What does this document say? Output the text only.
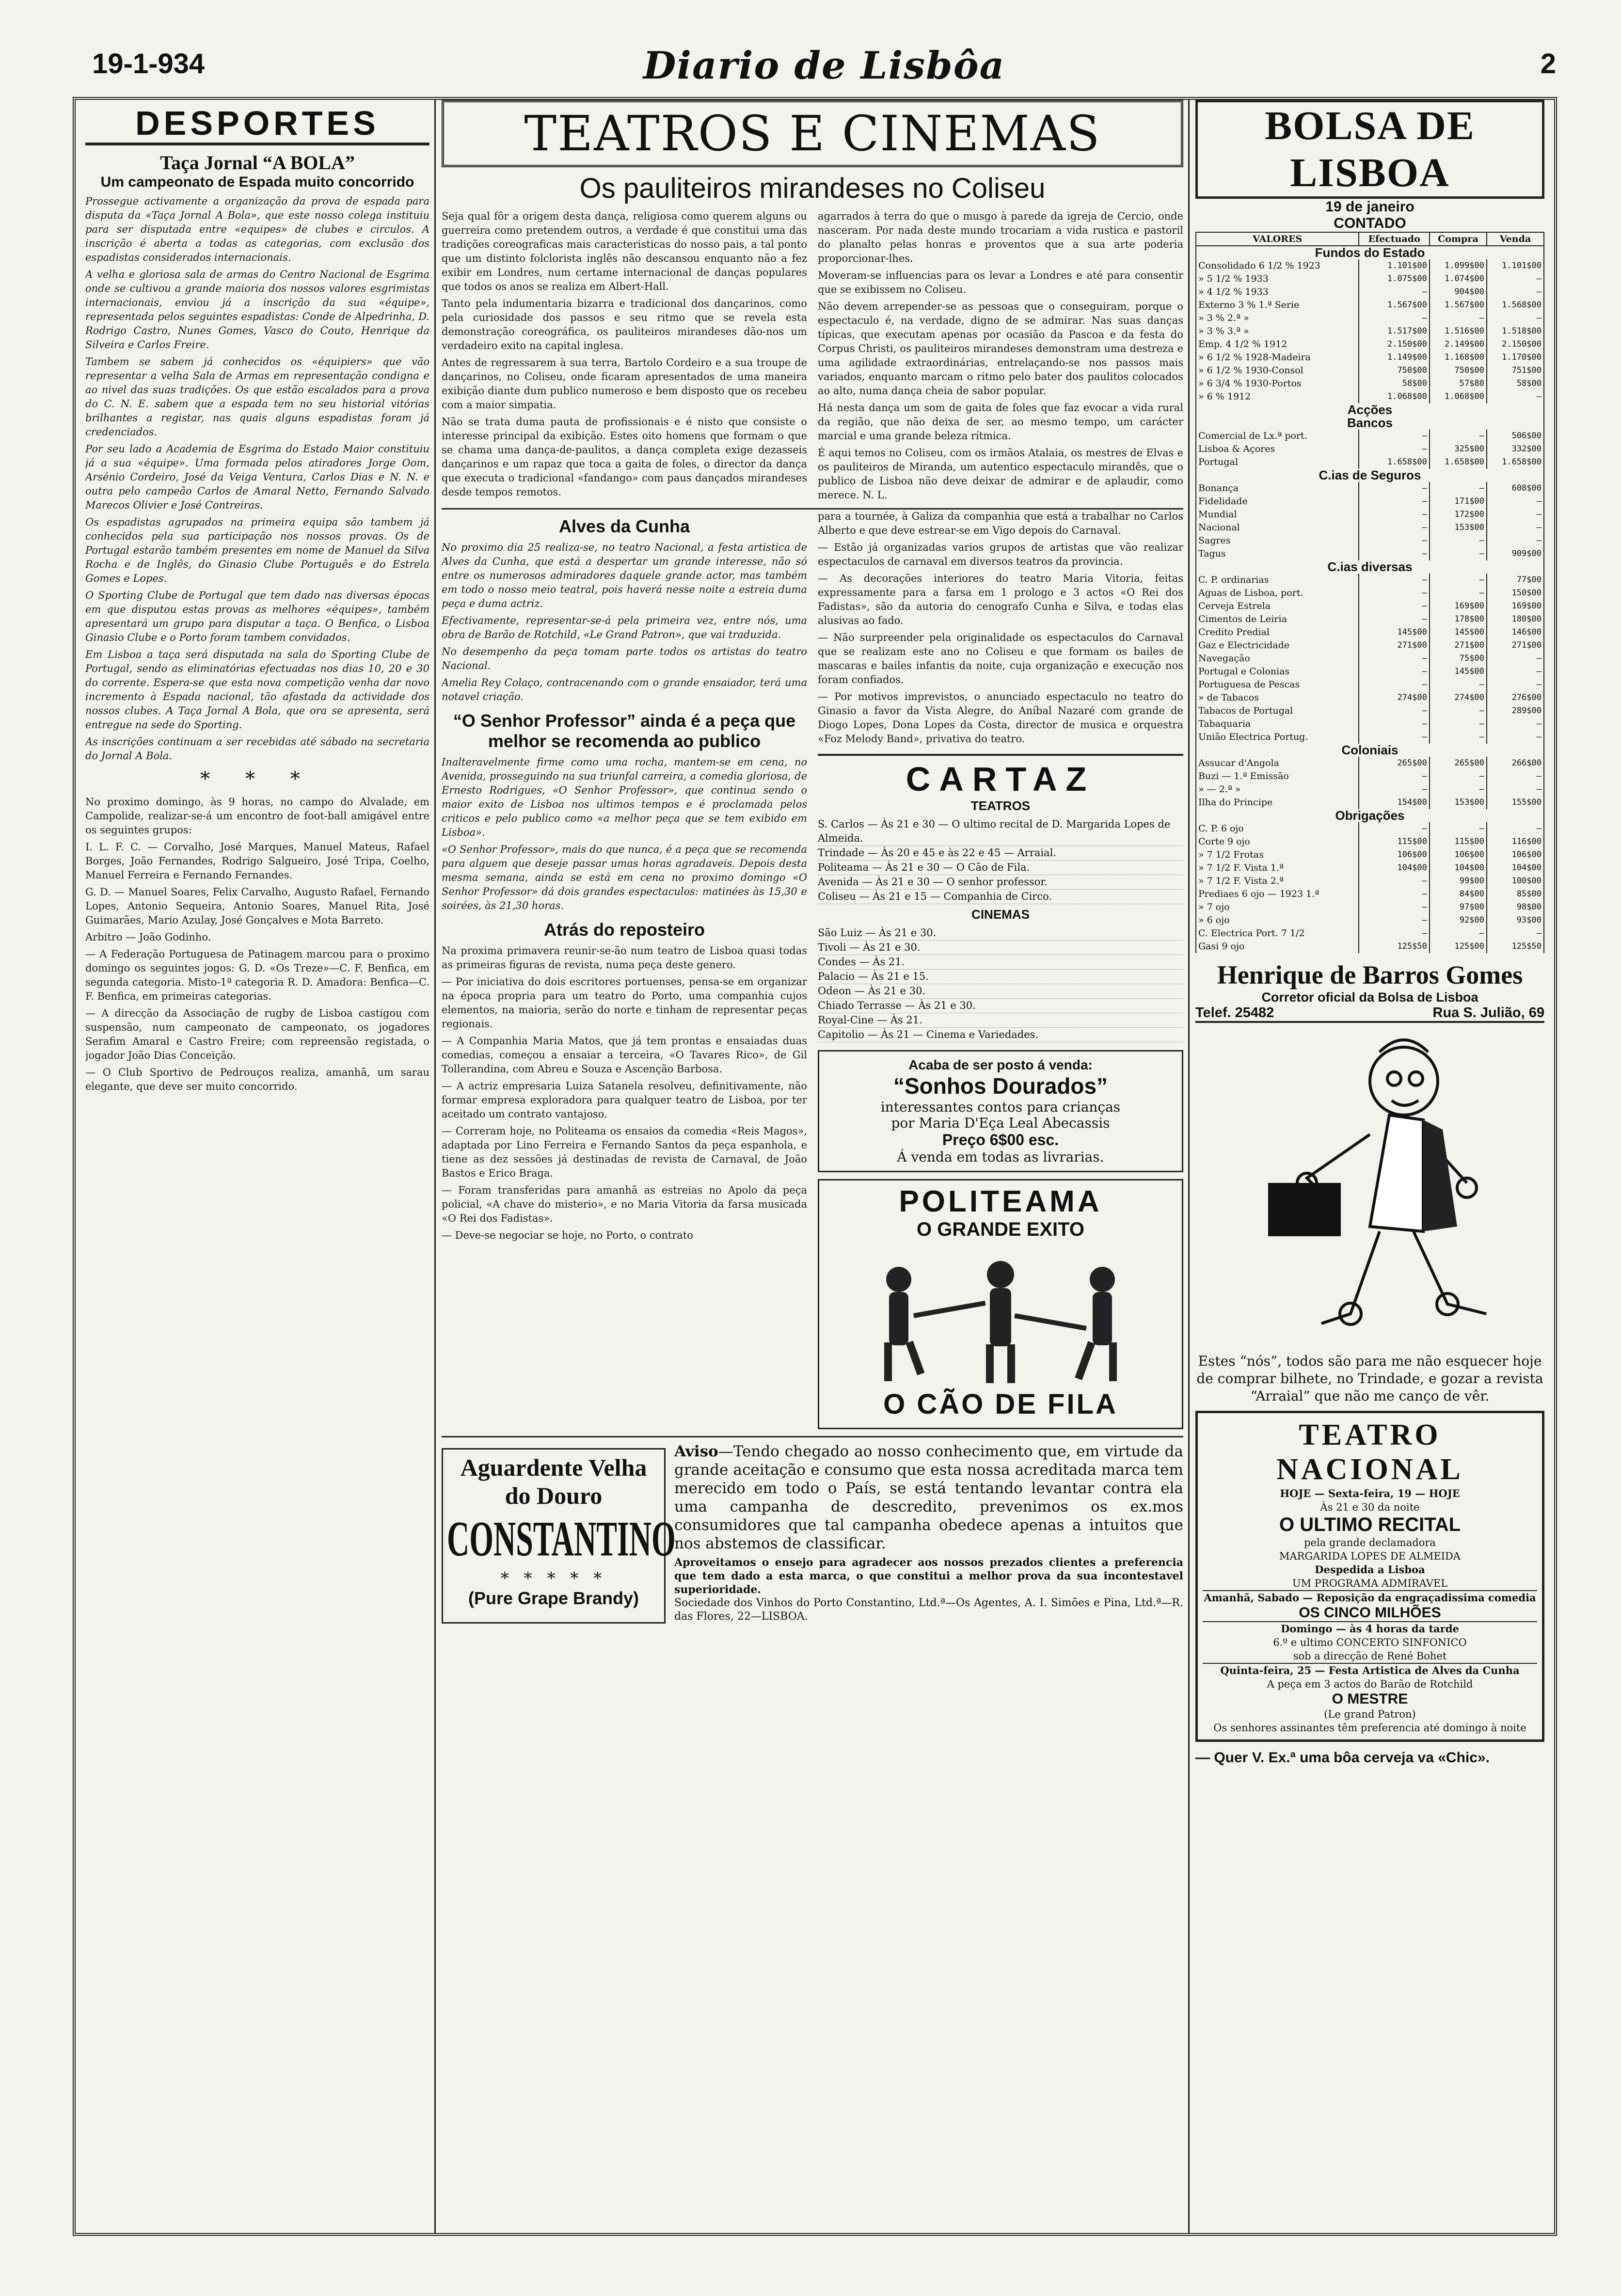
19-1-934	Diario de Lisbôa	2
DESPORTES
Taça Jornal “A BOLA”
Um campeonato de Espada muito concorrido

Prossegue activamente a organização da prova de espada para disputa da «Taça Jornal A Bola», que este nosso colega instituiu para ser disputada entre «equipes» de clubes e circulos. A inscrição é aberta a todas as categorias, com exclusão dos espadistas considerados internacionais.

A velha e gloriosa sala de armas do Centro Nacional de Esgrima onde se cultivou a grande maioria dos nossos valores esgrimistas internacionais, enviou já a inscrição da sua «équipe», representada pelos seguintes espadistas: Conde de Alpedrinha, D. Rodrigo Castro, Nunes Gomes, Vasco do Couto, Henrique da Silveira e Carlos Freire.

Tambem se sabem já conhecidos os «équipiers» que vão representar a velha Sala de Armas em representação condigna e ao nivel das suas tradições. Os que estão escalados para a prova do C. N. E. sabem que a espada tem no seu historial vitórias brilhantes a registar, nas quais alguns espadistas foram já credenciados.

Por seu lado a Academia de Esgrima do Estado Maior constituiu já a sua «équipe». Uma formada pelos atiradores Jorge Oom, Arsénio Cordeiro, José da Veiga Ventura, Carlos Dias e N. N. e outra pelo campeão Carlos de Amaral Netto, Fernando Salvado Marecos Olivier e José Contreiras.

Os espadistas agrupados na primeira equipa são tambem já conhecidos pela sua participação nos nossos provas. Os de Portugal estarão também presentes em nome de Manuel da Silva Rocha e de Inglês, do Ginasio Clube Português e do Estrela Gomes e Lopes.

O Sporting Clube de Portugal que tem dado nas diversas épocas em que disputou estas provas as melhores «équipes», também apresentará um grupo para disputar a taça. O Benfica, o Lisboa Ginasio Clube e o Porto foram tambem convidados.

Em Lisboa a taça será disputada na sala do Sporting Clube de Portugal, sendo as eliminatórias efectuadas nos dias 10, 20 e 30 do corrente. Espera-se que esta nova competição venha dar novo incremento à Espada nacional, tão afastada da actividade dos nossos clubes. A Taça Jornal A Bola, que ora se apresenta, será entregue na sede do Sporting.

As inscrições continuam a ser recebidas até sábado na secretaria do Jornal A Bola.

* * *

No proximo domingo, às 9 horas, no campo do Alvalade, em Campolide, realizar-se-á um encontro de foot-ball amigável entre os seguintes grupos:

I. L. F. C. — Corvalho, José Marques, Manuel Mateus, Rafael Borges, João Fernandes, Rodrigo Salgueiro, José Tripa, Coelho, Manuel Ferreira e Fernando Fernandes.

G. D. — Manuel Soares, Felix Carvalho, Augusto Rafael, Fernando Lopes, Antonio Sequeira, Antonio Soares, Manuel Rita, José Guimarães, Mario Azulay, José Gonçalves e Mota Barreto.

Arbitro — João Godinho.

— A Federação Portuguesa de Patinagem marcou para o proximo domingo os seguintes jogos: G. D. «Os Treze»—C. F. Benfica, em segunda categoria. Misto-1ª categoria R. D. Amadora: Benfica—C. F. Benfica, em primeiras categorias.

— A direcção da Associação de rugby de Lisboa castigou com suspensão, num campeonato de campeonato, os jogadores Serafim Amaral e Castro Freire; com repreensão registada, o jogador João Dias Conceição.

— O Club Sportivo de Pedrouços realiza, amanhã, um sarau elegante, que deve ser muito concorrido.

TEATROS E CINEMAS
Os pauliteiros mirandeses no Coliseu

Seja qual fôr a origem desta dança, religiosa como querem alguns ou guerreira como pretendem outros, a verdade é que constitui uma das tradições coreograficas mais caracteristicas do nosso pais, a tal ponto que um distinto folclorista inglês não descansou enquanto não a fez exibir em Londres, num certame internacional de danças populares que todos os anos se realiza em Albert-Hall.

Tanto pela indumentaria bizarra e tradicional dos dançarinos, como pela curiosidade dos passos e seu ritmo que se revela esta demonstração coreográfica, os pauliteiros mirandeses dão-nos um verdadeiro exito na capital inglesa.

Antes de regressarem à sua terra, Bartolo Cordeiro e a sua troupe de dançarinos, no Coliseu, onde ficaram apresentados de uma maneira exibição diante dum publico numeroso e bem disposto que os recebeu com a maior simpatia.

Não se trata duma pauta de profissionais e é nisto que consiste o interesse principal da exibição. Estes oito homens que formam o que se chama uma dança-de-paulitos, a dança completa exige dezasseis dançarinos e um rapaz que toca a gaita de foles, o director da dança que executa o tradicional «fandango» com paus dançados mirandeses desde tempos remotos.

agarrados à terra do que o musgo à parede da igreja de Cercio, onde nasceram. Por nada deste mundo trocariam a vida rustica e pastoril do planalto pelas honras e proventos que a sua arte poderia proporcionar-lhes.

Moveram-se influencias para os levar a Londres e até para consentir que se exibissem no Coliseu.

Não devem arrepender-se as pessoas que o conseguiram, porque o espectaculo é, na verdade, digno de se admirar. Nas suas danças típicas, que executam apenas por ocasião da Pascoa e da festa do Corpus Christi, os pauliteiros mirandeses demonstram uma destreza e uma agilidade extraordinárias, entrelaçando-se nos passos mais variados, enquanto marcam o ritmo pelo bater dos paulitos colocados ao alto, numa dança cheia de sabor popular.

Há nesta dança um som de gaita de foles que faz evocar a vida rural da região, que não deixa de ser, ao mesmo tempo, um carácter marcial e uma grande beleza rítmica.

É aqui temos no Coliseu, com os irmãos Atalaia, os mestres de Elvas e os pauliteiros de Miranda, um autentico espectaculo mirandês, que o publico de Lisboa não deve deixar de admirar e de aplaudir, como merece. N. L.

Alves da Cunha

No proximo dia 25 realiza-se, no teatro Nacional, a festa artistica de Alves da Cunha, que está a despertar um grande interesse, não só entre os numerosos admiradores daquele grande actor, mas também em todo o nosso meio teatral, pois haverá nesse noite a estreia duma peça e duma actriz.

Efectivamente, representar-se-á pela primeira vez, entre nós, uma obra de Barão de Rotchild, «Le Grand Patron», que vai traduzida.

No desempenho da peça tomam parte todos os artistas do teatro Nacional.

Amelia Rey Colaço, contracenando com o grande ensaiador, terá uma notavel criação.

“O Senhor Professor” ainda é a peça que melhor se recomenda ao publico

Inalteravelmente firme como uma rocha, mantem-se em cena, no Avenida, prosseguindo na sua triunfal carreira, a comedia gloriosa, de Ernesto Rodrigues, «O Senhor Professor», que continua sendo o maior exito de Lisboa nos ultimos tempos e é proclamada pelos criticos e pelo publico como «a melhor peça que se tem exibido em Lisboa».

«O Senhor Professor», mais do que nunca, é a peça que se recomenda para alguem que deseje passar umas horas agradaveis. Depois desta mesma semana, ainda se está em cena no proximo domingo «O Senhor Professor» dá dois grandes espectaculos: matinées às 15,30 e soirées, às 21,30 horas.

Atrás do reposteiro

Na proxima primavera reunir-se-ão num teatro de Lisboa quasi todas as primeiras figuras de revista, numa peça deste genero.

— Por iniciativa do dois escritores portuenses, pensa-se em organizar na época propria para um teatro do Porto, uma companhia cujos elementos, na maioria, serão do norte e tinham de representar peças regionais.

— A Companhia Maria Matos, que já tem prontas e ensaiadas duas comedias, começou a ensaiar a terceira, «O Tavares Rico», de Gil Tollerandina, com Abreu e Souza e Ascenção Barbosa.

— A actriz empresaria Luiza Satanela resolveu, definitivamente, não formar empresa exploradora para qualquer teatro de Lisboa, por ter aceitado um contrato vantajoso.

— Correram hoje, no Politeama os ensaios da comedia «Reis Magos», adaptada por Lino Ferreira e Fernando Santos da peça espanhola, e tiene as dez sessões já destinadas de revista de Carnaval, de João Bastos e Erico Braga.

— Foram transferidas para amanhã as estreias no Apolo da peça policial, «A chave do misterio», e no Maria Vitoria da farsa musicada «O Rei dos Fadistas».

— Deve-se negociar se hoje, no Porto, o contrato

para a tournée, à Galiza da companhia que está a trabalhar no Carlos Alberto e que deve estrear-se em Vigo depois do Carnaval.

— Estão já organizadas varios grupos de artistas que vão realizar espectaculos de carnaval em diversos teatros da provincia.

— As decorações interiores do teatro Maria Vitoria, feitas expressamente para a farsa em 1 prologo e 3 actos «O Rei dos Fadistas», são da autoria do cenografo Cunha e Silva, e todas elas alusivas ao fado.

— Não surpreender pela originalidade os espectaculos do Carnaval que se realizam este ano no Coliseu e que formam os bailes de mascaras e bailes infantis da noite, cuja organização e execução nos foram confiados.

— Por motivos imprevistos, o anunciado espectaculo no teatro do Ginasio a favor da Vista Alegre, do Aníbal Nazaré com grande de Diogo Lopes, Dona Lopes da Costa, director de musica e orquestra «Foz Melody Band», privativa do teatro.

CARTAZ
TEATROS
S. Carlos — Às 21 e 30 — O ultimo recital de D. Margarida Lopes de Almeida.
Trindade — Às 20 e 45 e às 22 e 45 — Arraial.
Politeama — Às 21 e 30 — O Cão de Fila.
Avenida — Às 21 e 30 — O senhor professor.
Coliseu — Às 21 e 15 — Companhia de Circo.
CINEMAS
São Luiz — Às 21 e 30.
Tivoli — Às 21 e 30.
Condes — Às 21.
Palacio — Às 21 e 15.
Odeon — Às 21 e 30.
Chiado Terrasse — Às 21 e 30.
Royal-Cine — Às 21.
Capitolio — Às 21 — Cinema e Variedades.
Acaba de ser posto á venda:
“Sonhos Dourados”
interessantes contos para crianças
por Maria D'Eça Leal Abecassis
Preço 6$00 esc.
Á venda em todas as livrarias.
POLITEAMA
O GRANDE EXITO
O CÃO DE FILA
Aguardente Velha
do Douro
CONSTANTINO
* * * * *
(Pure Grape Brandy)
Aviso—Tendo chegado ao nosso conhecimento que, em virtude da grande aceitação e consumo que esta nossa acreditada marca tem merecido em todo o País, se está tentando levantar contra ela uma campanha de descredito, prevenimos os ex.mos consumidores que tal campanha obedece apenas a intuitos que nos abstemos de classificar.
Aproveitamos o ensejo para agradecer aos nossos prezados clientes a preferencia que tem dado a esta marca, o que constitui a melhor prova da sua incontestavel superioridade.
Sociedade dos Vinhos do Porto Constantino, Ltd.ª—Os Agentes, A. I. Simões e Pina, Ltd.ª—R. das Flores, 22—LISBOA.
BOLSA DE LISBOA
19 de janeiro
CONTADO
VALORES	Efectuado	Compra	Venda
Fundos do Estado			
Consolidado 6 1/2 % 1923	1.101$00	1.099$00	1.101$00
» 5 1/2 % 1933	1.075$00	1.074$00	—
» 4 1/2 % 1933	—	904$00	—
Externo 3 % 1.ª Serie	1.567$00	1.567$00	1.568$00
» 3 % 2.ª »	—	—	—
» 3 % 3.ª »	1.517$00	1.516$00	1.518$00
Emp. 4 1/2 % 1912	2.150$00	2.149$00	2.150$00
» 6 1/2 % 1928-Madeira	1.149$00	1.168$00	1.170$00
» 6 1/2 % 1930-Consol	750$00	750$00	751$00
» 6 3/4 % 1930-Portos	58$00	57$80	58$00
» 6 % 1912	1.068$00	1.068$00	—
Acções			
Bancos			
Comercial de Lx.ª port.	—	—	506$00
Lisboa & Açores	—	325$00	332$00
Portugal	1.658$00	1.658$00	1.658$00
C.ias de Seguros			
Bonança	—	—	608$00
Fidelidade	—	171$00	—
Mundial	—	172$00	—
Nacional	—	153$00	—
Sagres	—	—	—
Tagus	—	—	909$00
C.ias diversas			
C. P. ordinarias	—	—	77$00
Aguas de Lisboa, port.	—	—	150$00
Cerveja Estrela	—	169$00	169$00
Cimentos de Leiria	—	178$00	180$00
Credito Predial	145$00	145$00	146$00
Gaz e Electricidade	271$00	271$00	271$00
Navegação	—	75$00	—
Portugal e Colonias	—	145$00	—
Portuguesa de Pescas	—	—	—
» de Tabacos	274$00	274$00	276$00
Tabacos de Portugal	—	—	289$00
Tabaquaria	—	—	—
União Electrica Portug.	—	—	—
Coloniais			
Assucar d'Angola	265$00	265$00	266$00
Buzi — 1.ª Emissão	—	—	—
» — 2.ª »	—	—	—
Ilha do Principe	154$00	153$00	155$00
Obrigações			
C. P. 6 ojo	—	—	—
Corte 9 ojo	115$00	115$00	116$00
» 7 1/2 Frotas	106$00	106$00	106$00
» 7 1/2 F. Vista 1.ª	104$00	104$00	104$00
» 7 1/2 F. Vista 2.ª	—	99$00	100$00
Prediaes 6 ojo — 1923 1.ª	—	84$00	85$00
» 7 ojo	—	97$00	98$00
» 6 ojo	—	92$00	93$00
C. Electrica Port. 7 1/2	—	—	—
Gasi 9 ojo	125$50	125$00	125$50
Henrique de Barros Gomes
Corretor oficial da Bolsa de Lisboa
Telef. 25482	Rua S. Julião, 69
Estes “nós”, todos são para me não esquecer hoje de comprar bilhete, no Trindade, e gozar a revista “Arraial” que não me canço de vêr.
TEATRO NACIONAL
HOJE — Sexta-feira, 19 — HOJE
Às 21 e 30 da noite
O ULTIMO RECITAL
pela grande declamadora
MARGARIDA LOPES DE ALMEIDA
Despedida a Lisboa
UM PROGRAMA ADMIRAVEL
Amanhã, Sabado — Reposição da engraçadissima comedia
OS CINCO MILHÕES
Domingo — às 4 horas da tarde
6.º e ultimo CONCERTO SINFONICO
sob a direcção de René Bohet
Quinta-feira, 25 — Festa Artistica de Alves da Cunha
A peça em 3 actos do Barão de Rotchild
O MESTRE
(Le grand Patron)
Os senhores assinantes têm preferencia até domingo à noite
— Quer V. Ex.ª uma bôa cerveja va «Chic».
